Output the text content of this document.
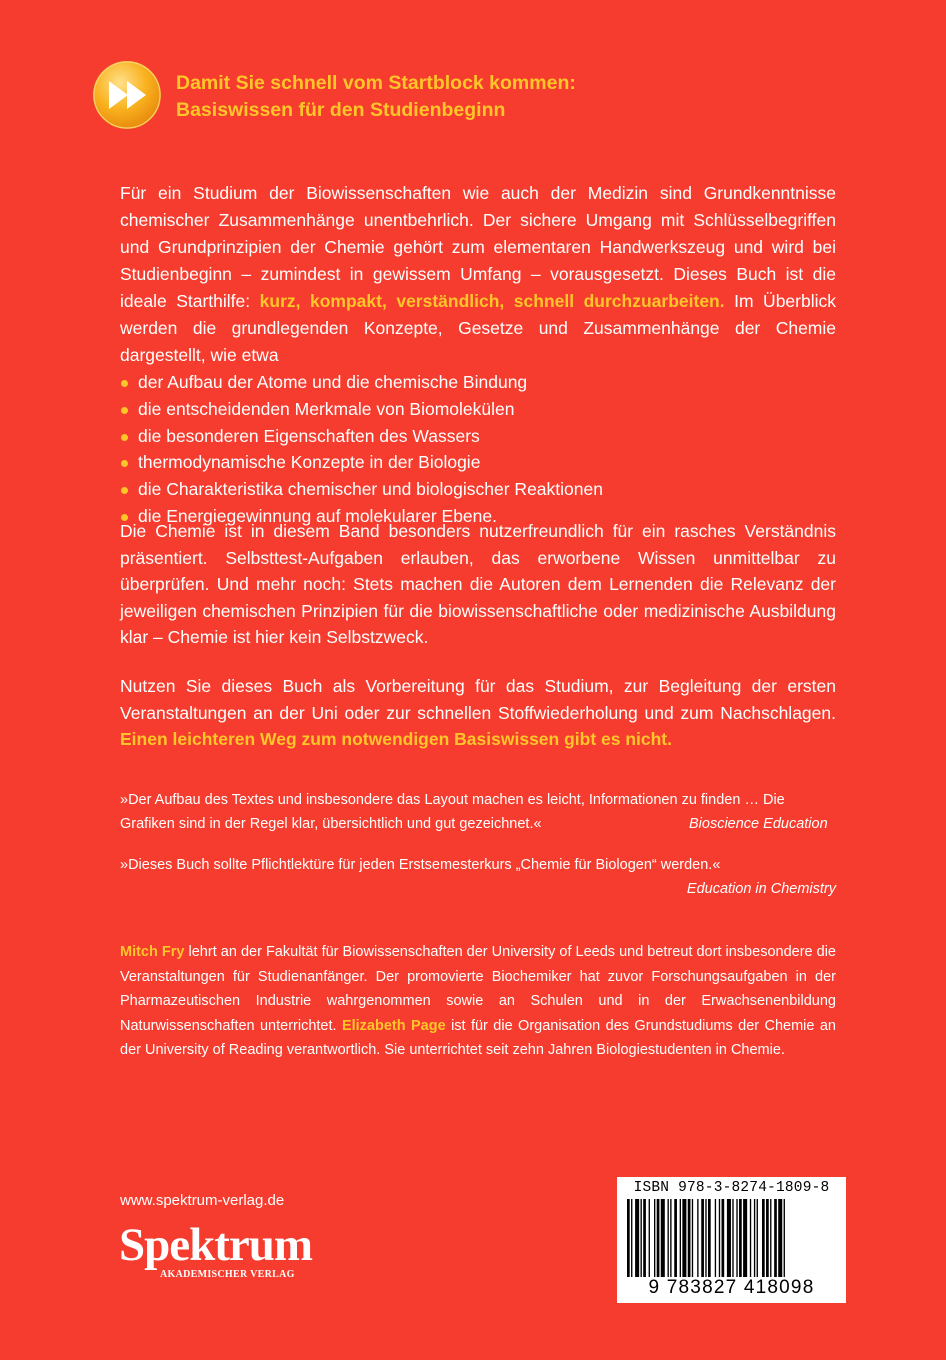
Damit Sie schnell vom Startblock kommen:
Basiswissen für den Studienbeginn

Für ein Studium der Biowissenschaften wie auch der Medizin sind Grundkenntnisse chemischer Zusammenhänge unentbehrlich. Der sichere Umgang mit Schlüsselbegriffen und Grundprinzipien der Chemie gehört zum elementaren Handwerkszeug und wird bei Studienbeginn – zumindest in gewissem Umfang – vorausgesetzt. Dieses Buch ist die ideale Starthilfe: kurz, kompakt, verständlich, schnell durchzuarbeiten. Im Überblick werden die grundlegenden Konzepte, Gesetze und Zusammenhänge der Chemie dargestellt, wie etwa

der Aufbau der Atome und die chemische Bindung
die entscheidenden Merkmale von Biomolekülen
die besonderen Eigenschaften des Wassers
thermodynamische Konzepte in der Biologie
die Charakteristika chemischer und biologischer Reaktionen
die Energiegewinnung auf molekularer Ebene.

Die Chemie ist in diesem Band besonders nutzerfreundlich für ein rasches Verständnis präsentiert. Selbsttest-Aufgaben erlauben, das erworbene Wissen unmittelbar zu überprüfen. Und mehr noch: Stets machen die Autoren dem Lernenden die Relevanz der jeweiligen chemischen Prinzipien für die biowissenschaftliche oder medizinische Ausbildung klar – Chemie ist hier kein Selbstzweck.

Nutzen Sie dieses Buch als Vorbereitung für das Studium, zur Begleitung der ersten Veranstaltungen an der Uni oder zur schnellen Stoffwiederholung und zum Nachschlagen. Einen leichteren Weg zum notwendigen Basiswissen gibt es nicht.

»Der Aufbau des Textes und insbesondere das Layout machen es leicht, Informationen zu finden … Die Grafiken sind in der Regel klar, übersichtlich und gut gezeichnet.«	Bioscience Education

»Dieses Buch sollte Pflichtlektüre für jeden Erstsemesterkurs „Chemie für Biologen“ werden.«
Education in Chemistry

Mitch Fry lehrt an der Fakultät für Biowissenschaften der University of Leeds und betreut dort insbesondere die Veranstaltungen für Studienanfänger. Der promovierte Biochemiker hat zuvor Forschungsaufgaben in der Pharmazeutischen Industrie wahrgenommen sowie an Schulen und in der Erwachsenenbildung Naturwissenschaften unterrichtet. Elizabeth Page ist für die Organisation des Grundstudiums der Chemie an der University of Reading verantwortlich. Sie unterrichtet seit zehn Jahren Biologiestudenten in Chemie.

www.spektrum-verlag.de
Spektrum
AKADEMISCHER VERLAG
ISBN 978-3-8274-1809-8
9 783827 418098
